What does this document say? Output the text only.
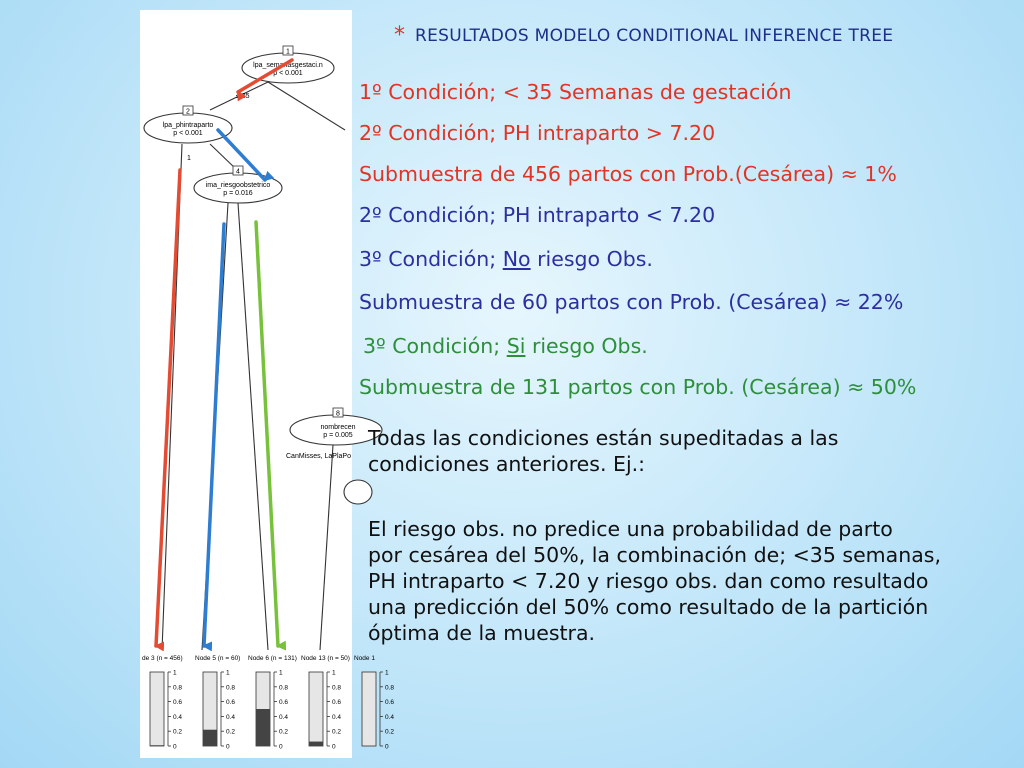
1
lpa_semanasgestaci.n
p < 0.001
≤ 35
2
lpa_phintraparto
p < 0.001
1
4
ima_riesgoobstetrico
p = 0.016
8
nombrecen
p = 0.005
CanMisses, LaPlaPo
de 3 (n = 456) Node 5 (n = 60) Node 6 (n = 131) Node 13 (n = 50) Node 1
1
0.8
0.6
0.4
0.2
0
1
0.8
0.6
0.4
0.2
0
1
0.8
0.6
0.4
0.2
0
1
0.8
0.6
0.4
0.2
0
1
0.8
0.6
0.4
0.2
0
* RESULTADOS MODELO CONDITIONAL INFERENCE TREE
1º Condición; < 35 Semanas de gestación
2º Condición; PH intraparto > 7.20
Submuestra de 456 partos con Prob.(Cesárea) ≈ 1%
2º Condición; PH intraparto < 7.20
3º Condición; No riesgo Obs.
Submuestra de 60 partos con Prob. (Cesárea) ≈ 22%
3º Condición; Si riesgo Obs.
Submuestra de 131 partos con Prob. (Cesárea) ≈ 50%
Todas las condiciones están supeditadas a las
condiciones anteriores. Ej.:
El riesgo obs. no predice una probabilidad de parto
por cesárea del 50%, la combinación de; <35 semanas,
PH intraparto < 7.20 y riesgo obs. dan como resultado
una predicción del 50% como resultado de la partición
óptima de la muestra.
